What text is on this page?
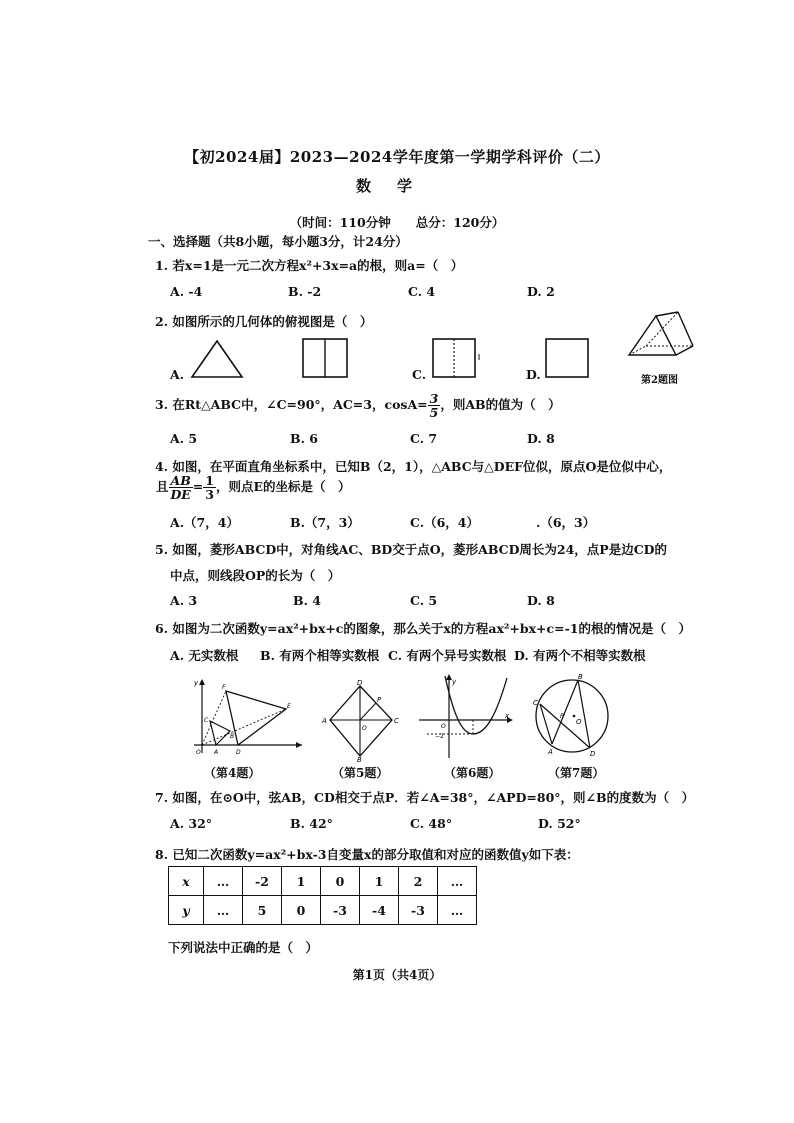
【初2024届】2023—2024学年度第一学期学科评价（二）
数学
（时间：110分钟　　总分：120分）
一、选择题（共8小题，每小题3分，计24分）
1. 若x=1是一元二次方程x²+3x=a的根，则a=（　）
A. -4	B. -2	C. 4	D. 2
2. 如图所示的几何体的俯视图是（　）
A.	C.	D.	第2题图
3. 在Rt△ABC中，∠C=90°，AC=3，$\cos A= \frac{3}{5}$ ，则AB的值为（　）
A. 5	B. 6	C. 7	D. 8
4. 如图，在平面直角坐标系中，已知B（2，1），△ABC与△DEF位似，原点O是位似中心，
且 $\frac{AB}{DE} = \frac{1}{3}$ ，则点E的坐标是（　）
A.（7，4）	B.（7，3）	C.（6，4）	.（6，3）
5. 如图，菱形ABCD中，对角线AC、BD交于点O，菱形ABCD周长为24，点P是边CD的
中点，则线段OP的长为（　）
A. 3	B. 4	C. 5	D. 8
6. 如图为二次函数y=ax²+bx+c的图象，那么关于x的方程ax²+bx+c=-1的根的情况是（　）
A. 无实数根 B. 有两个相等实数根 C. 有两个异号实数根 D. 有两个不相等实数根
y
F
E
C
O A
B
D
D
A	C
B
P
O
y
x
O
−2
B
C
P
O
A	D
（第4题）	（第5题）	（第6题）	（第7题）
7. 如图，在⊙O中，弦AB，CD相交于点P．若∠A=38°，∠APD=80°，则∠B的度数为（　）
A. 32°	B. 42°	C. 48°	D. 52°
8. 已知二次函数y=ax²+bx-3自变量x的部分取值和对应的函数值y如下表：
x	…	-2	1	0	1	2	…
y	…	5	0	-3	-4	-3	…
下列说法中正确的是（　）
第1页（共4页）
